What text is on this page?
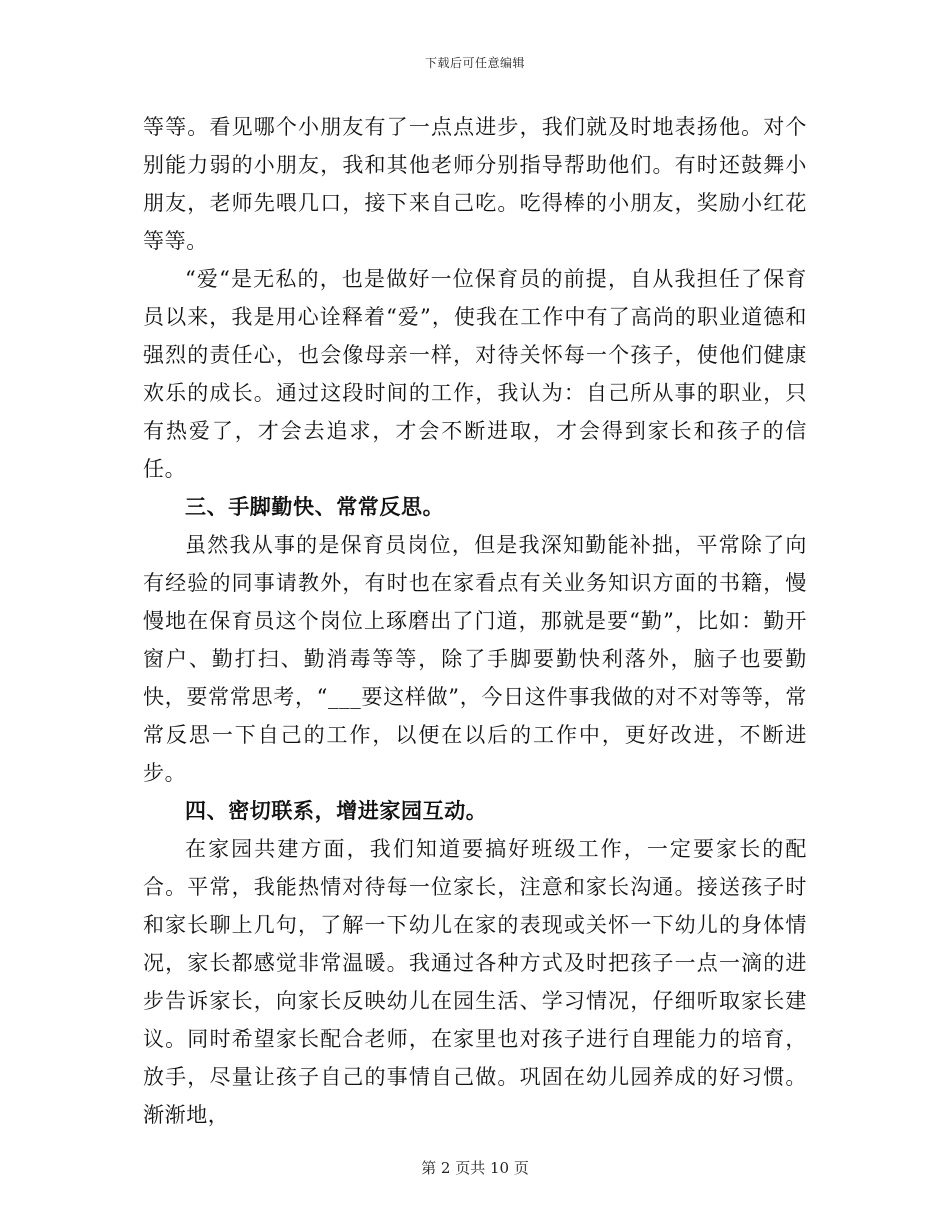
下载后可任意编辑

等等。看见哪个小朋友有了一点点进步，我们就及时地表扬他。对个别能力弱的小朋友，我和其他老师分别指导帮助他们。有时还鼓舞小朋友，老师先喂几口，接下来自己吃。吃得棒的小朋友，奖励小红花等等。

“爱“是无私的，也是做好一位保育员的前提，自从我担任了保育员以来，我是用心诠释着“爱”，使我在工作中有了高尚的职业道德和强烈的责任心，也会像母亲一样，对待关怀每一个孩子，使他们健康欢乐的成长。通过这段时间的工作，我认为：自己所从事的职业，只有热爱了，才会去追求，才会不断进取，才会得到家长和孩子的信任。

三、手脚勤快、常常反思。

虽然我从事的是保育员岗位，但是我深知勤能补拙，平常除了向有经验的同事请教外，有时也在家看点有关业务知识方面的书籍，慢慢地在保育员这个岗位上琢磨出了门道，那就是要“勤”，比如：勤开窗户、勤打扫、勤消毒等等，除了手脚要勤快利落外，脑子也要勤快，要常常思考，“___要这样做”，今日这件事我做的对不对等等，常常反思一下自己的工作，以便在以后的工作中，更好改进，不断进步。

四、密切联系，增进家园互动。

在家园共建方面，我们知道要搞好班级工作，一定要家长的配合。平常，我能热情对待每一位家长，注意和家长沟通。接送孩子时和家长聊上几句，了解一下幼儿在家的表现或关怀一下幼儿的身体情况，家长都感觉非常温暖。我通过各种方式及时把孩子一点一滴的进步告诉家长，向家长反映幼儿在园生活、学习情况，仔细听取家长建议。同时希望家长配合老师，在家里也对孩子进行自理能力的培育，放手，尽量让孩子自己的事情自己做。巩固在幼儿园养成的好习惯。渐渐地，

第 2 页共 10 页
